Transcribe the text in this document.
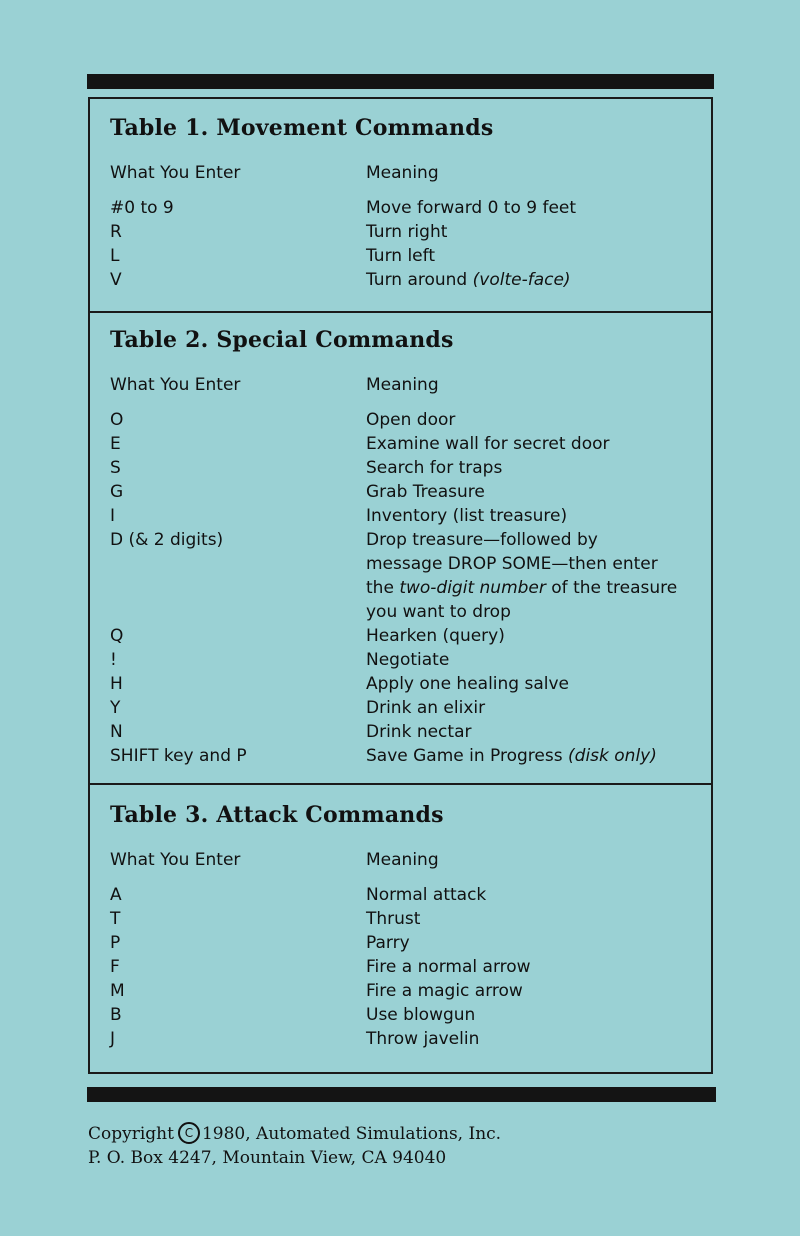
Table 1. Movement Commands
What You Enter	Meaning
#0 to 9	Move forward 0 to 9 feet
R	Turn right
L	Turn left
V	Turn around (volte-face)
Table 2. Special Commands
What You Enter	Meaning
O	Open door
E	Examine wall for secret door
S	Search for traps
G	Grab Treasure
I	Inventory (list treasure)
D (& 2 digits)	Drop treasure—followed by message DROP SOME—then enter the two-digit number of the treasure you want to drop
Q	Hearken (query)
!	Negotiate
H	Apply one healing salve
Y	Drink an elixir
N	Drink nectar
SHIFT key and P	Save Game in Progress (disk only)
Table 3. Attack Commands
What You Enter	Meaning
A	Normal attack
T	Thrust
P	Parry
F	Fire a normal arrow
M	Fire a magic arrow
B	Use blowgun
J	Throw javelin
Copyright C 1980, Automated Simulations, Inc.
P. O. Box 4247, Mountain View, CA 94040
